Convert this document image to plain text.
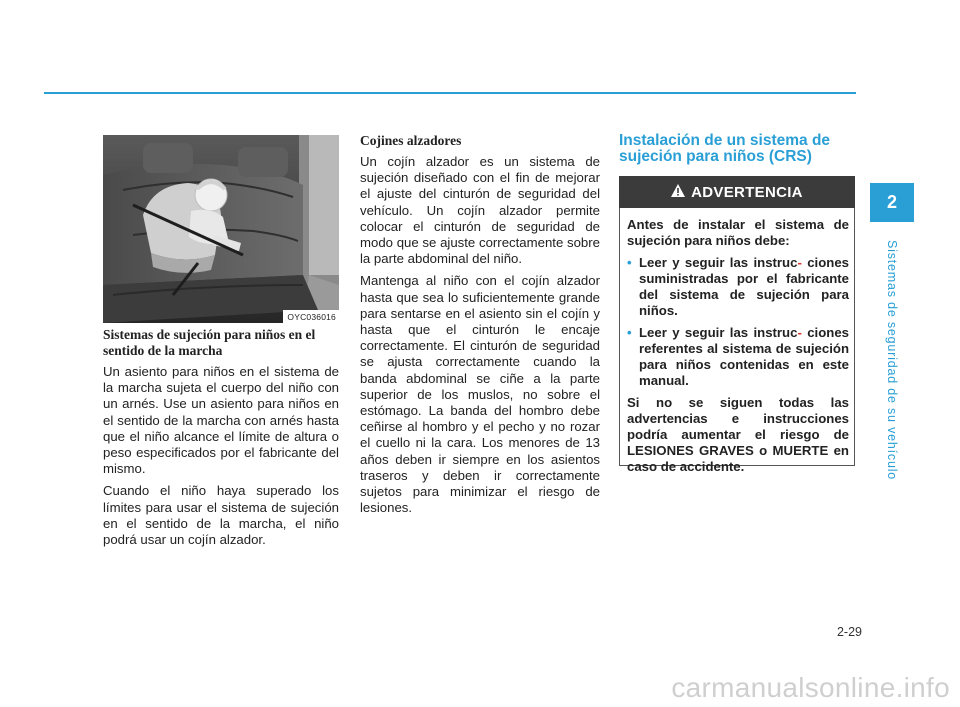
OYC036016
Sistemas de sujeción para niños en el sentido de la marcha

Un asiento para niños en el sistema de la marcha sujeta el cuerpo del niño con un arnés. Use un asiento para niños en el sentido de la marcha con arnés hasta que el niño alcance el límite de altura o peso especificados por el fabricante del mismo.

Cuando el niño haya superado los límites para usar el sistema de sujeción en el sentido de la marcha, el niño podrá usar un cojín alzador.

Cojines alzadores

Un cojín alzador es un sistema de sujeción diseñado con el fin de mejorar el ajuste del cinturón de seguridad del vehículo. Un cojín alzador permite colocar el cinturón de seguridad de modo que se ajuste correctamente sobre la parte abdominal del niño.

Mantenga al niño con el cojín alzador hasta que sea lo suficientemente grande para sentarse en el asiento sin el cojín y hasta que el cinturón le encaje correctamente. El cinturón de seguridad se ajusta correctamente cuando la banda abdominal se ciñe a la parte superior de los muslos, no sobre el estómago. La banda del hombro debe ceñirse al hombro y el pecho y no rozar el cuello ni la cara. Los menores de 13 años deben ir siempre en los asientos traseros y deben ir correctamente sujetos para minimizar el riesgo de lesiones.

Instalación de un sistema de sujeción para niños (CRS)
ADVERTENCIA

Antes de instalar el sistema de sujeción para niños debe:

• Leer y seguir las instruc- ciones suministradas por el fabricante del sistema de sujeción para niños.
• Leer y seguir las instruc- ciones referentes al sistema de sujeción para niños contenidas en este manual.

Si no se siguen todas las advertencias e instrucciones podría aumentar el riesgo de LESIONES GRAVES o MUERTE en caso de accidente.

2
Sistemas de seguridad de su vehículo
2-29
carmanualsonline.info
